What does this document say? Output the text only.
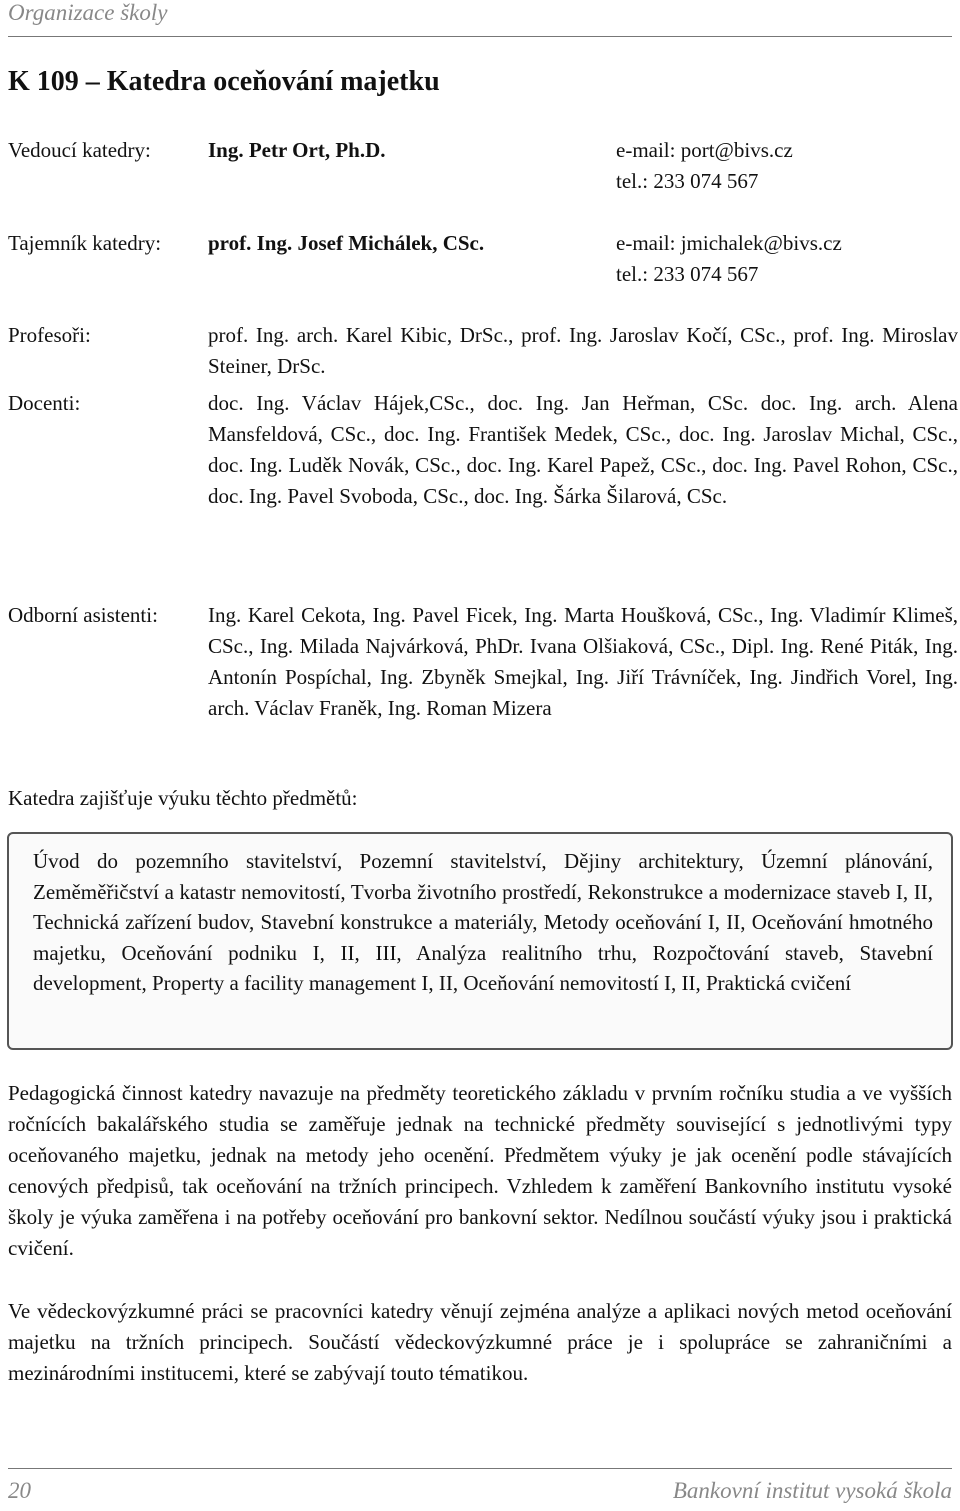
Organizace školy
K 109 – Katedra oceňování majetku
Vedoucí katedry:	Ing. Petr Ort, Ph.D.	e-mail: port@bivs.cz
tel.: 233 074 567
Tajemník katedry: prof. Ing. Josef Michálek, CSc.	e-mail: jmichalek@bivs.cz
tel.: 233 074 567
Profesoři:	prof. Ing. arch. Karel Kibic, DrSc., prof. Ing. Jaroslav Kočí, CSc., prof. Ing. Miroslav Steiner, DrSc.
Docenti:	doc. Ing. Václav Hájek,CSc., doc. Ing. Jan Heřman, CSc. doc. Ing. arch. Alena Mansfeldová, CSc., doc. Ing. František Medek, CSc., doc. Ing. Jaroslav Michal, CSc., doc. Ing. Luděk Novák, CSc., doc. Ing. Karel Papež, CSc., doc. Ing. Pavel Rohon, CSc., doc. Ing. Pavel Svoboda, CSc., doc. Ing. Šárka Šilarová, CSc.
Odborní asistenti: Ing. Karel Cekota, Ing. Pavel Ficek, Ing. Marta Houšková, CSc., Ing. Vladimír Klimeš, CSc., Ing. Milada Najvárková, PhDr. Ivana Olšiaková, CSc., Dipl. Ing. René Piták, Ing. Antonín Pospíchal, Ing. Zbyněk Smejkal, Ing. Jiří Trávníček, Ing. Jindřich Vorel, Ing. arch. Václav Franěk, Ing. Roman Mizera
Katedra zajišťuje výuku těchto předmětů:

Úvod do pozemního stavitelství, Pozemní stavitelství, Dějiny architektury, Územní plánování, Zeměměřičství a katastr nemovitostí, Tvorba životního prostředí, Rekonstrukce a modernizace staveb I, II, Technická zařízení budov, Stavební konstrukce a materiály, Metody oceňování I, II, Oceňování hmotného majetku, Oceňování podniku I, II, III, Analýza realitního trhu, Rozpočtování staveb, Stavební development, Property a facility management I, II, Oceňování nemovitostí I, II, Praktická cvičení

Pedagogická činnost katedry navazuje na předměty teoretického základu v prvním ročníku studia a ve vyšších ročnících bakalářského studia se zaměřuje jednak na technické předměty související s jednotlivými typy oceňovaného majetku, jednak na metody jeho ocenění. Předmětem výuky je jak ocenění podle stávajících cenových předpisů, tak oceňování na tržních principech. Vzhledem k zaměření Bankovního institutu vysoké školy je výuka zaměřena i na potřeby oceňování pro bankovní sektor. Nedílnou součástí výuky jsou i praktická cvičení.

Ve vědeckovýzkumné práci se pracovníci katedry věnují zejména analýze a aplikaci nových metod oceňování majetku na tržních principech. Součástí vědeckovýzkumné práce je i spolupráce se zahraničními a mezinárodními institucemi, které se zabývají touto tématikou.

20	Bankovní institut vysoká škola
